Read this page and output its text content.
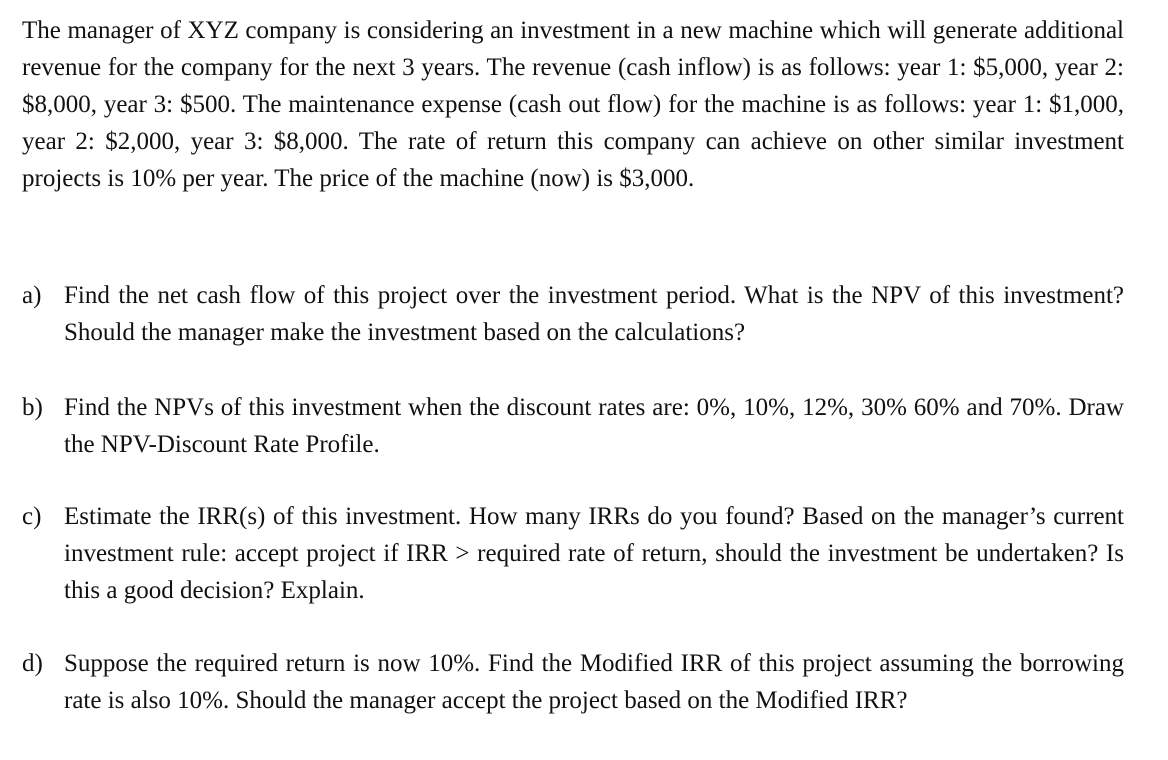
The manager of XYZ company is considering an investment in a new machine which will generate additional revenue for the company for the next 3 years. The revenue (cash inflow) is as follows: year 1: $5,000, year 2: $8,000, year 3: $500. The maintenance expense (cash out flow) for the machine is as follows: year 1: $1,000, year 2: $2,000, year 3: $8,000. The rate of return this company can achieve on other similar investment projects is 10% per year. The price of the machine (now) is $3,000.

a) Find the net cash flow of this project over the investment period. What is the NPV of this investment? Should the manager make the investment based on the calculations?
b) Find the NPVs of this investment when the discount rates are: 0%, 10%, 12%, 30% 60% and 70%. Draw the NPV-Discount Rate Profile.
c) Estimate the IRR(s) of this investment. How many IRRs do you found? Based on the manager’s current investment rule: accept project if IRR > required rate of return, should the investment be undertaken? Is this a good decision? Explain.
d) Suppose the required return is now 10%. Find the Modified IRR of this project assuming the borrowing rate is also 10%. Should the manager accept the project based on the Modified IRR?
